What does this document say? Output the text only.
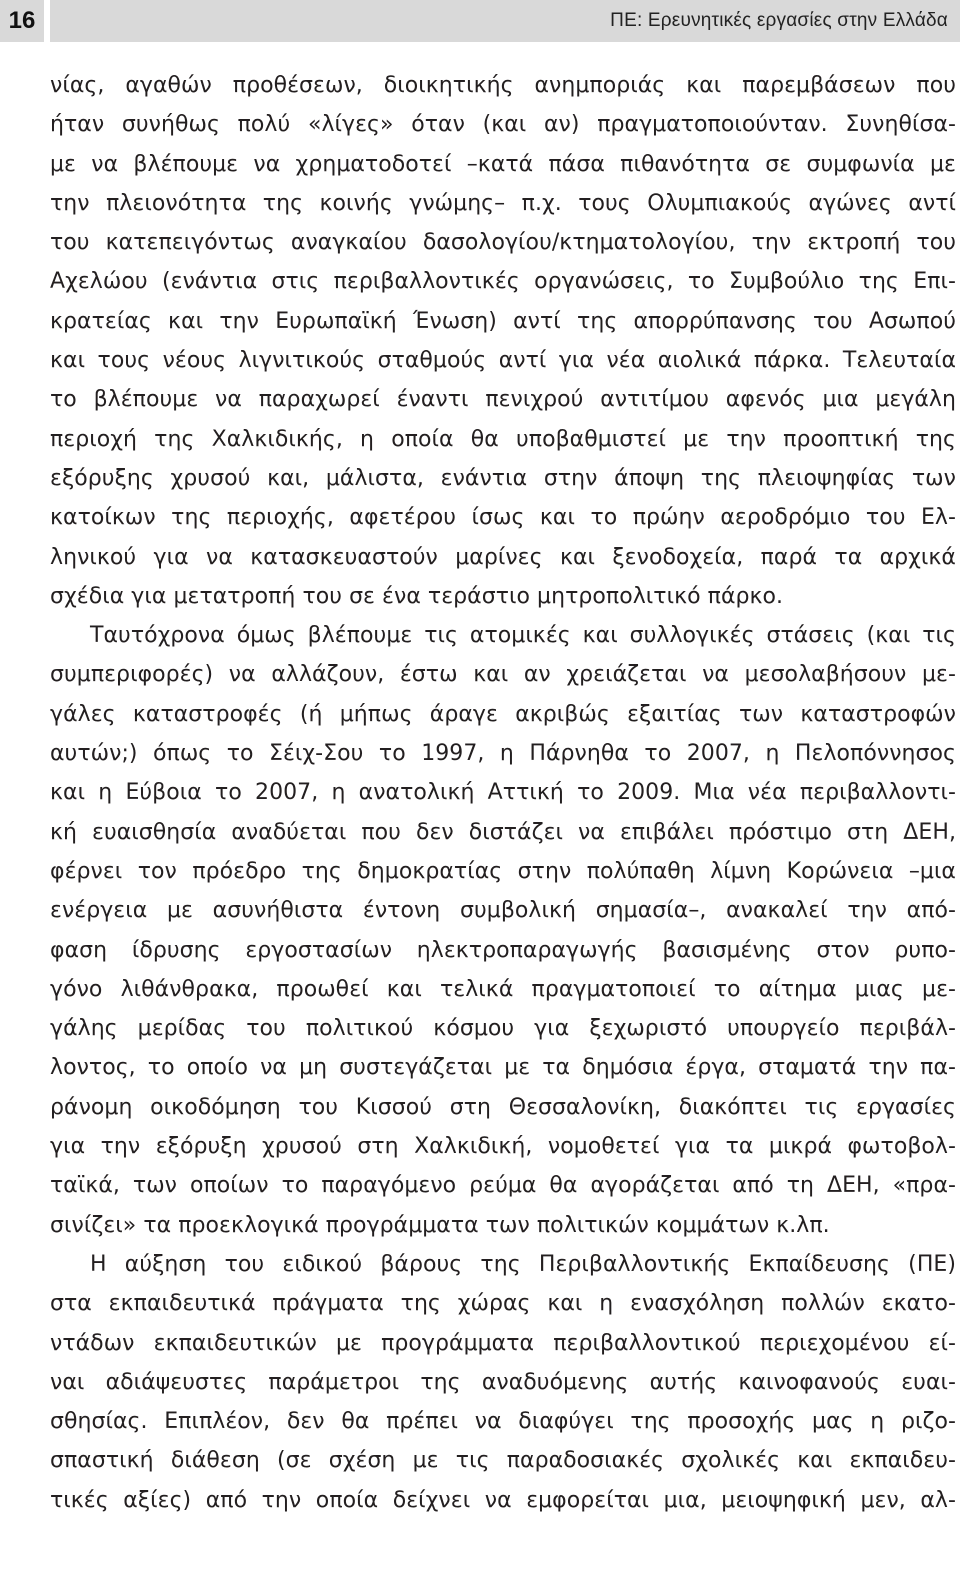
16	ΠΕ: Ερευνητικές εργασίες στην Ελλάδα
νίας, αγαθών προθέσεων, διοικητικής ανημποριάς και παρεμβάσεων που
ήταν συνήθως πολύ «λίγες» όταν (και αν) πραγματοποιούνταν. Συνηθίσα-
με να βλέπουμε να χρηματοδοτεί –κατά πάσα πιθανότητα σε συμφωνία με
την πλειονότητα της κοινής γνώμης– π.χ. τους Ολυμπιακούς αγώνες αντί
του κατεπειγόντως αναγκαίου δασολογίου/κτηματολογίου, την εκτροπή του
Αχελώου (ενάντια στις περιβαλλοντικές οργανώσεις, το Συμβούλιο της Επι-
κρατείας και την Ευρωπαϊκή Ένωση) αντί της απορρύπανσης του Ασωπού
και τους νέους λιγνιτικούς σταθμούς αντί για νέα αιολικά πάρκα. Τελευταία
το βλέπουμε να παραχωρεί έναντι πενιχρού αντιτίμου αφενός μια μεγάλη
περιοχή της Χαλκιδικής, η οποία θα υποβαθμιστεί με την προοπτική της
εξόρυξης χρυσού και, μάλιστα, ενάντια στην άποψη της πλειοψηφίας των
κατοίκων της περιοχής, αφετέρου ίσως και το πρώην αεροδρόμιο του Ελ-
ληνικού για να κατασκευαστούν μαρίνες και ξενοδοχεία, παρά τα αρχικά
σχέδια για μετατροπή του σε ένα τεράστιο μητροπολιτικό πάρκο.
Ταυτόχρονα όμως βλέπουμε τις ατομικές και συλλογικές στάσεις (και τις
συμπεριφορές) να αλλάζουν, έστω και αν χρειάζεται να μεσολαβήσουν με-
γάλες καταστροφές (ή μήπως άραγε ακριβώς εξαιτίας των καταστροφών
αυτών;) όπως το Σέιχ-Σου το 1997, η Πάρνηθα το 2007, η Πελοπόννησος
και η Εύβοια το 2007, η ανατολική Αττική το 2009. Μια νέα περιβαλλοντι-
κή ευαισθησία αναδύεται που δεν διστάζει να επιβάλει πρόστιμο στη ΔΕΗ,
φέρνει τον πρόεδρο της δημοκρατίας στην πολύπαθη λίμνη Κορώνεια –μια
ενέργεια με ασυνήθιστα έντονη συμβολική σημασία–, ανακαλεί την από-
φαση ίδρυσης εργοστασίων ηλεκτροπαραγωγής βασισμένης στον ρυπο-
γόνο λιθάνθρακα, προωθεί και τελικά πραγματοποιεί το αίτημα μιας με-
γάλης μερίδας του πολιτικού κόσμου για ξεχωριστό υπουργείο περιβάλ-
λοντος, το οποίο να μη συστεγάζεται με τα δημόσια έργα, σταματά την πα-
ράνομη οικοδόμηση του Κισσού στη Θεσσαλονίκη, διακόπτει τις εργασίες
για την εξόρυξη χρυσού στη Χαλκιδική, νομοθετεί για τα μικρά φωτοβολ-
ταϊκά, των οποίων το παραγόμενο ρεύμα θα αγοράζεται από τη ΔΕΗ, «πρα-
σινίζει» τα προεκλογικά προγράμματα των πολιτικών κομμάτων κ.λπ.
Η αύξηση του ειδικού βάρους της Περιβαλλοντικής Εκπαίδευσης (ΠΕ)
στα εκπαιδευτικά πράγματα της χώρας και η ενασχόληση πολλών εκατο-
ντάδων εκπαιδευτικών με προγράμματα περιβαλλοντικού περιεχομένου εί-
ναι αδιάψευστες παράμετροι της αναδυόμενης αυτής καινοφανούς ευαι-
σθησίας. Επιπλέον, δεν θα πρέπει να διαφύγει της προσοχής μας η ριζο-
σπαστική διάθεση (σε σχέση με τις παραδοσιακές σχολικές και εκπαιδευ-
τικές αξίες) από την οποία δείχνει να εμφορείται μια, μειοψηφική μεν, αλ-
